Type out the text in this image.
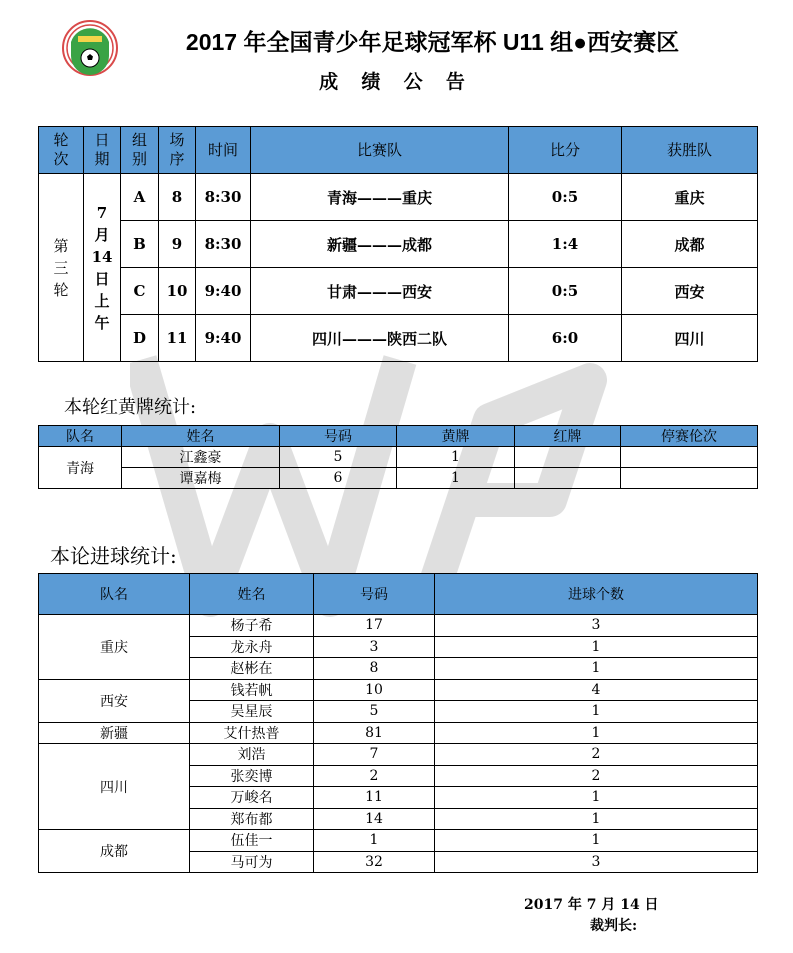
2017 年全国青少年足球冠军杯 U11 组●西安赛区
成 绩 公 告
轮
次	日
期	组
别	场
序	时间	比赛队	比分	获胜队
第
三
轮	7
月
14
日
上
午	A	8	8:30	青海———重庆	0:5	重庆
		B	9	8:30	新疆———成都	1:4	成都
		C	10	9:40	甘肃———西安	0:5	西安
		D	11	9:40	四川———陕西二队	6:0	四川
本轮红黄牌统计:
队名	姓名	号码	黄牌	红牌	停赛伦次
青海	江鑫豪	5	1		
	谭嘉梅	6	1		
本论进球统计:
队名	姓名	号码	进球个数
重庆	杨子希	17	3
	龙永舟	3	1
	赵彬在	8	1
西安	钱若帆	10	4
	吴星辰	5	1
新疆	艾什热普	81	1
四川	刘浩	7	2
	张奕博	2	2
	万峻名	11	1
	郑布都	14	1
成都	伍佳一	1	1
	马可为	32	3
2017 年 7 月 14 日
裁判长:
